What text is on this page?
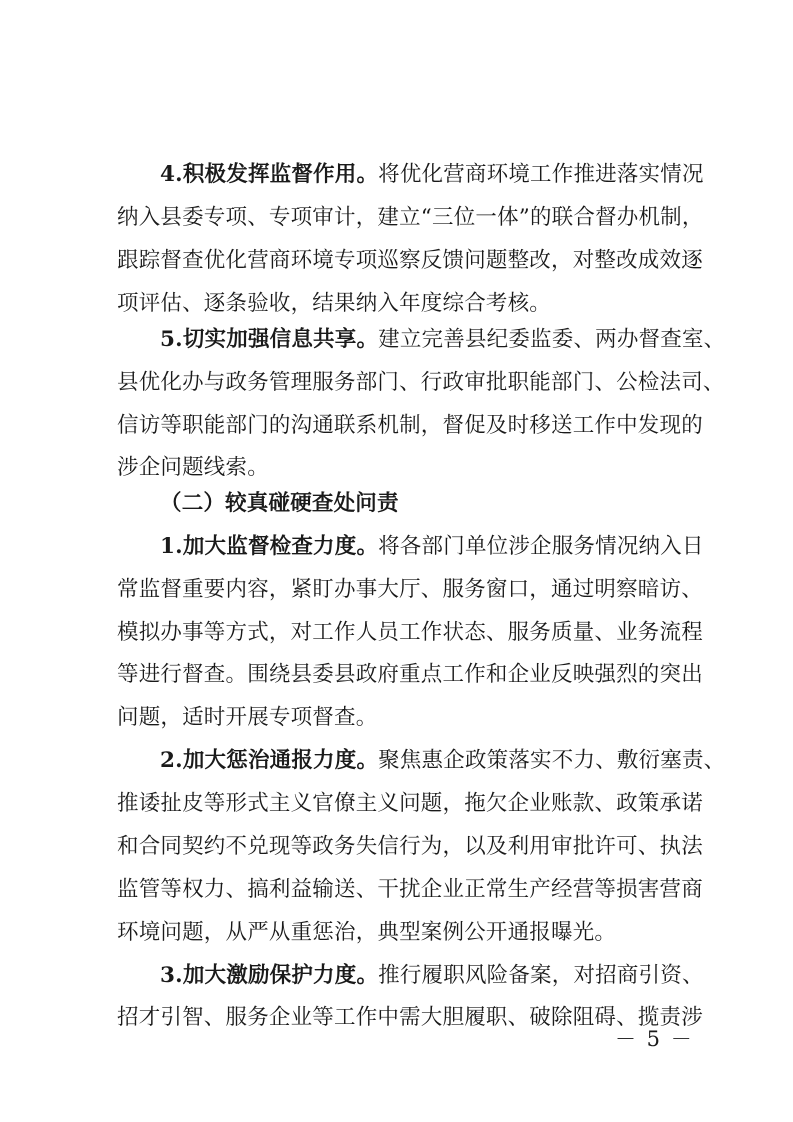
4.积极发挥监督作用。将优化营商环境工作推进落实情况
纳入县委专项、专项审计，建立“三位一体”的联合督办机制，
跟踪督查优化营商环境专项巡察反馈问题整改，对整改成效逐
项评估、逐条验收，结果纳入年度综合考核。
5.切实加强信息共享。建立完善县纪委监委、两办督查室、
县优化办与政务管理服务部门、行政审批职能部门、公检法司、
信访等职能部门的沟通联系机制，督促及时移送工作中发现的
涉企问题线索。
（二）较真碰硬查处问责
1.加大监督检查力度。将各部门单位涉企服务情况纳入日
常监督重要内容，紧盯办事大厅、服务窗口，通过明察暗访、
模拟办事等方式，对工作人员工作状态、服务质量、业务流程
等进行督查。围绕县委县政府重点工作和企业反映强烈的突出
问题，适时开展专项督查。
2.加大惩治通报力度。聚焦惠企政策落实不力、敷衍塞责、
推诿扯皮等形式主义官僚主义问题，拖欠企业账款、政策承诺
和合同契约不兑现等政务失信行为，以及利用审批许可、执法
监管等权力、搞利益输送、干扰企业正常生产经营等损害营商
环境问题，从严从重惩治，典型案例公开通报曝光。
3.加大激励保护力度。推行履职风险备案，对招商引资、
招才引智、服务企业等工作中需大胆履职、破除阻碍、揽责涉
－ 5 －
